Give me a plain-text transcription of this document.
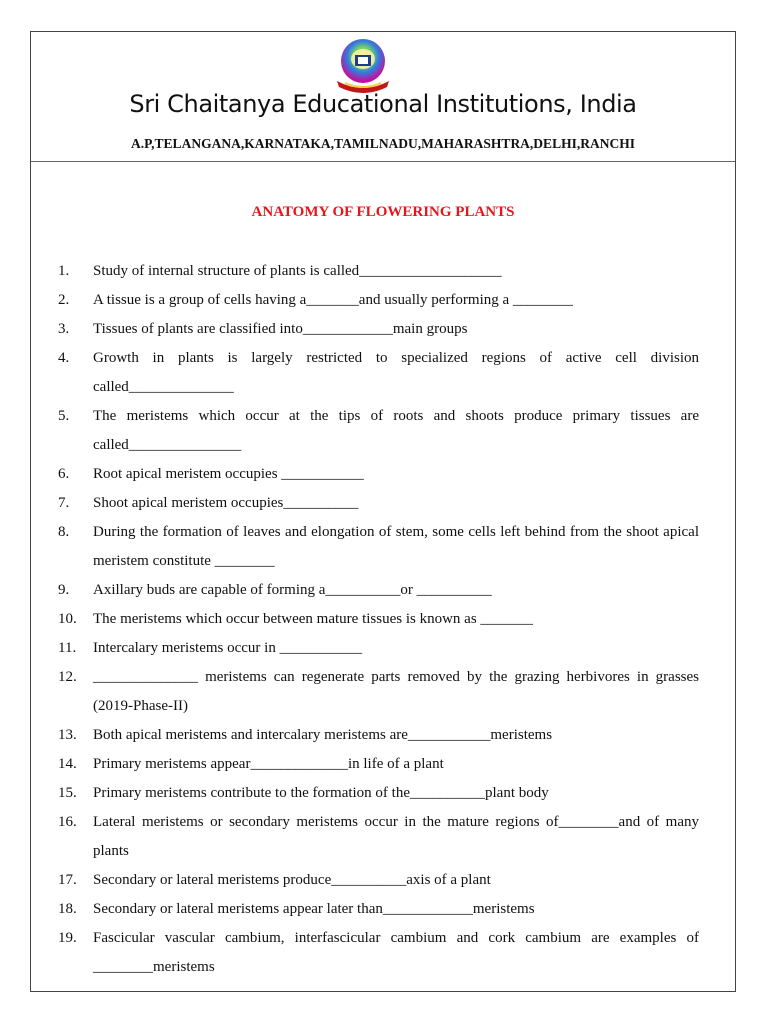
Sri Chaitanya Educational Institutions, India
A.P,TELANGANA,KARNATAKA,TAMILNADU,MAHARASHTRA,DELHI,RANCHI
ANATOMY OF FLOWERING PLANTS
1. Study of internal structure of plants is called___________________
2. A tissue is a group of cells having a_______and usually performing a ________
3. Tissues of plants are classified into____________main groups
4. Growth in plants is largely restricted to specialized regions of active cell division called______________
5. The meristems which occur at the tips of roots and shoots produce primary tissues are called_______________
6. Root apical meristem occupies ___________
7. Shoot apical meristem occupies__________
8. During the formation of leaves and elongation of stem, some cells left behind from the shoot apical meristem constitute ________
9. Axillary buds are capable of forming a__________or __________
10. The meristems which occur between mature tissues is known as _______
11. Intercalary meristems occur in ___________
12. ______________ meristems can regenerate parts removed by the grazing herbivores in grasses (2019-Phase-II)
13. Both apical meristems and intercalary meristems are___________meristems
14. Primary meristems appear_____________in life of a plant
15. Primary meristems contribute to the formation of the__________plant body
16. Lateral meristems or secondary meristems occur in the mature regions of________and of many plants
17. Secondary or lateral meristems produce__________axis of a plant
18. Secondary or lateral meristems appear later than____________meristems
19. Fascicular vascular cambium, interfascicular cambium and cork cambium are examples of ________meristems
